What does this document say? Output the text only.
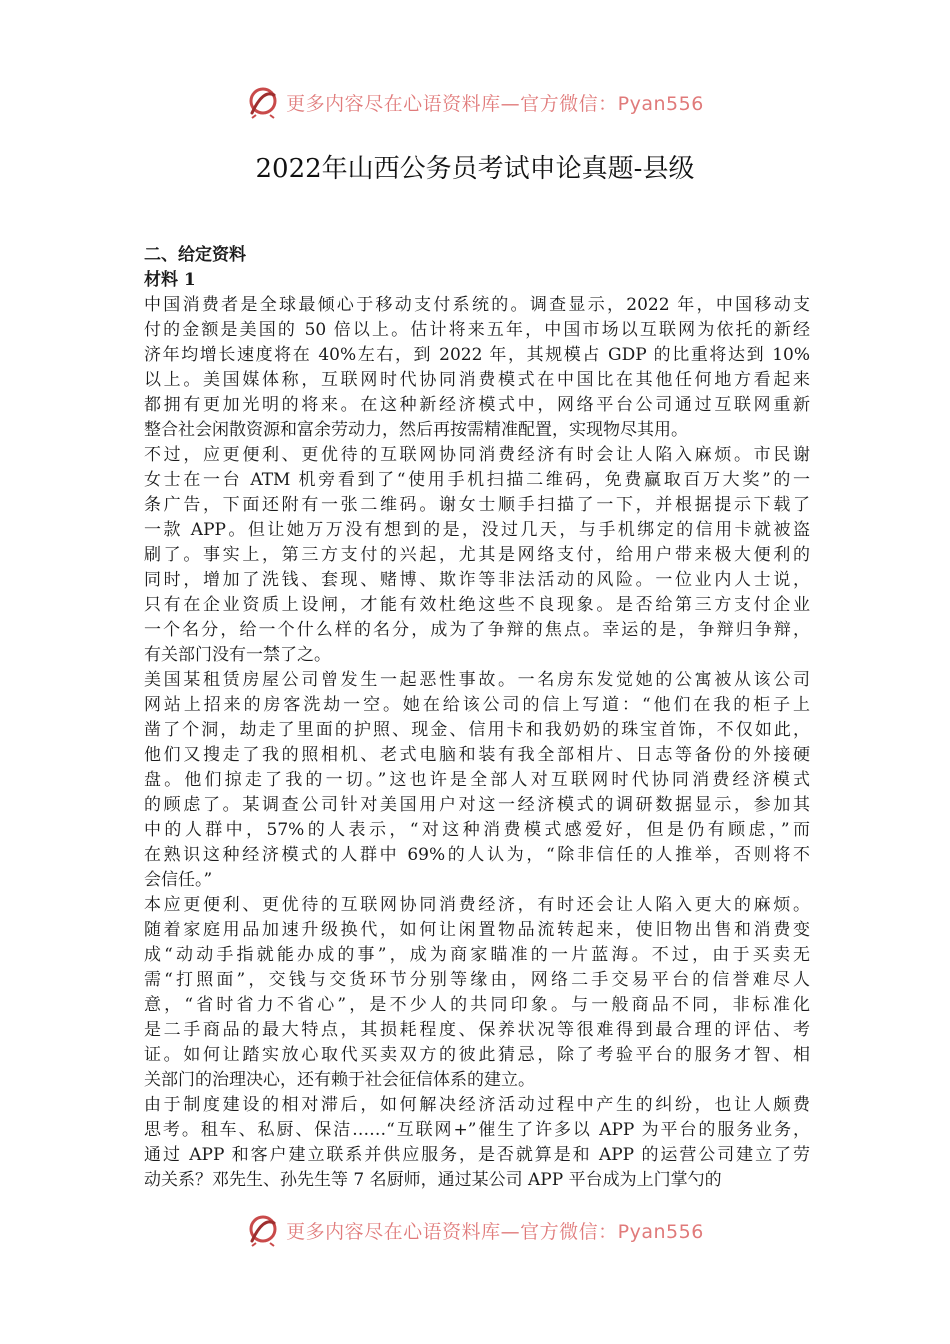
更多内容尽在心语资料库—官方微信：Pyan556
2022年山西公务员考试申论真题-县级
二、给定资料
材料 1
中国消费者是全球最倾心于移动支付系统的。调查显示，2022 年，中国移动支
付的金额是美国的 50 倍以上。估计将来五年，中国市场以互联网为依托的新经
济年均增长速度将在 40%左右，到 2022 年，其规模占 GDP 的比重将达到 10%
以上。美国媒体称，互联网时代协同消费模式在中国比在其他任何地方看起来
都拥有更加光明的将来。在这种新经济模式中，网络平台公司通过互联网重新
整合社会闲散资源和富余劳动力，然后再按需精准配置，实现物尽其用。
不过，应更便利、更优待的互联网协同消费经济有时会让人陷入麻烦。市民谢
女士在一台 ATM 机旁看到了“使用手机扫描二维码，免费赢取百万大奖”的一
条广告，下面还附有一张二维码。谢女士顺手扫描了一下，并根据提示下载了
一款 APP。但让她万万没有想到的是，没过几天，与手机绑定的信用卡就被盗
刷了。事实上，第三方支付的兴起，尤其是网络支付，给用户带来极大便利的
同时，增加了洗钱、套现、赌博、欺诈等非法活动的风险。一位业内人士说，
只有在企业资质上设闸，才能有效杜绝这些不良现象。是否给第三方支付企业
一个名分，给一个什么样的名分，成为了争辩的焦点。幸运的是，争辩归争辩，
有关部门没有一禁了之。
美国某租赁房屋公司曾发生一起恶性事故。一名房东发觉她的公寓被从该公司
网站上招来的房客洗劫一空。她在给该公司的信上写道：“他们在我的柜子上
凿了个洞，劫走了里面的护照、现金、信用卡和我奶奶的珠宝首饰，不仅如此，
他们又搜走了我的照相机、老式电脑和装有我全部相片、日志等备份的外接硬
盘。他们掠走了我的一切。”这也许是全部人对互联网时代协同消费经济模式
的顾虑了。某调查公司针对美国用户对这一经济模式的调研数据显示，参加其
中的人群中，57%的人表示，“对这种消费模式感爱好，但是仍有顾虑，”而
在熟识这种经济模式的人群中 69%的人认为，“除非信任的人推举，否则将不
会信任。”
本应更便利、更优待的互联网协同消费经济，有时还会让人陷入更大的麻烦。
随着家庭用品加速升级换代，如何让闲置物品流转起来，使旧物出售和消费变
成“动动手指就能办成的事”，成为商家瞄准的一片蓝海。不过，由于买卖无
需“打照面”，交钱与交货环节分别等缘由，网络二手交易平台的信誉难尽人
意，“省时省力不省心”，是不少人的共同印象。与一般商品不同，非标准化
是二手商品的最大特点，其损耗程度、保养状况等很难得到最合理的评估、考
证。如何让踏实放心取代买卖双方的彼此猜忌，除了考验平台的服务才智、相
关部门的治理决心，还有赖于社会征信体系的建立。
由于制度建设的相对滞后，如何解决经济活动过程中产生的纠纷，也让人颇费
思考。租车、私厨、保洁……“互联网+”催生了许多以 APP 为平台的服务业务，
通过 APP 和客户建立联系并供应服务，是否就算是和 APP 的运营公司建立了劳
动关系？邓先生、孙先生等 7 名厨师，通过某公司 APP 平台成为上门掌勺的
更多内容尽在心语资料库—官方微信：Pyan556
